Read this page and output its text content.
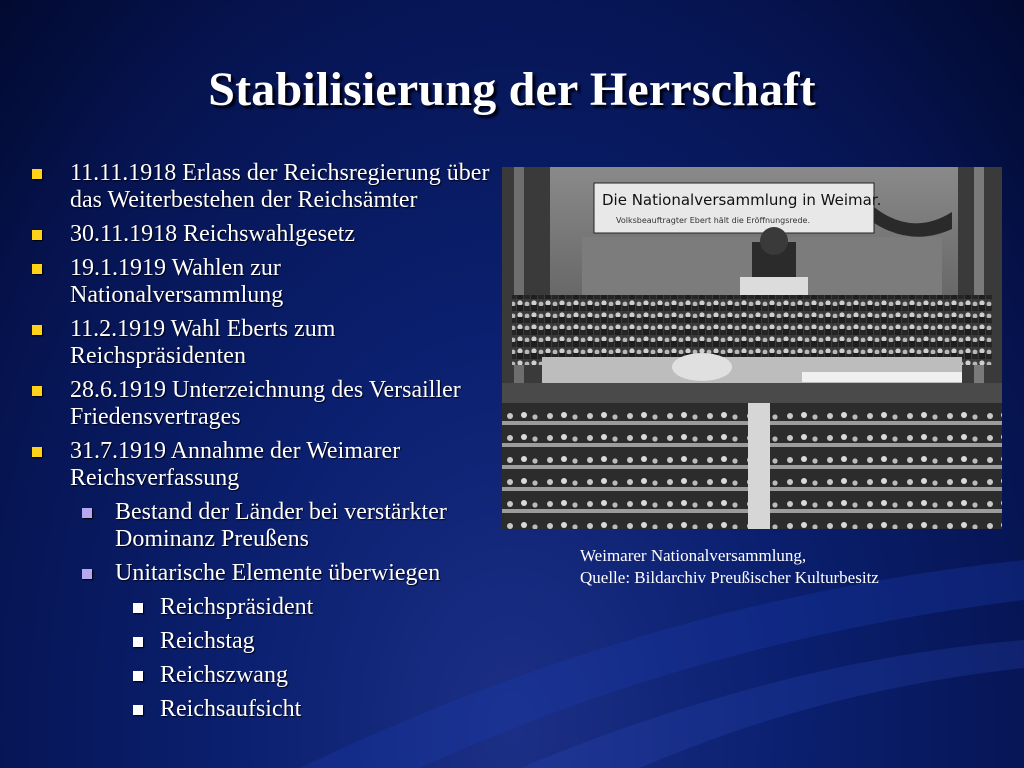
Stabilisierung der Herrschaft
11.11.1918 Erlass der Reichsregierung über das Weiterbestehen der Reichsämter
30.11.1918 Reichswahlgesetz
19.1.1919 Wahlen zur Nationalversammlung
11.2.1919 Wahl Eberts zum Reichspräsidenten
28.6.1919 Unterzeichnung des Versailler Friedensvertrages
31.7.1919 Annahme der Weimarer Reichsverfassung
Bestand der Länder bei verstärkter Dominanz Preußens
Unitarische Elemente überwiegen
Reichspräsident
Reichstag
Reichszwang
Reichsaufsicht
Die Nationalversammlung in Weimar.
Volksbeauftragter Ebert hält die Eröffnungsrede.
Weimarer Nationalversammlung,
Quelle: Bildarchiv Preußischer Kulturbesitz
